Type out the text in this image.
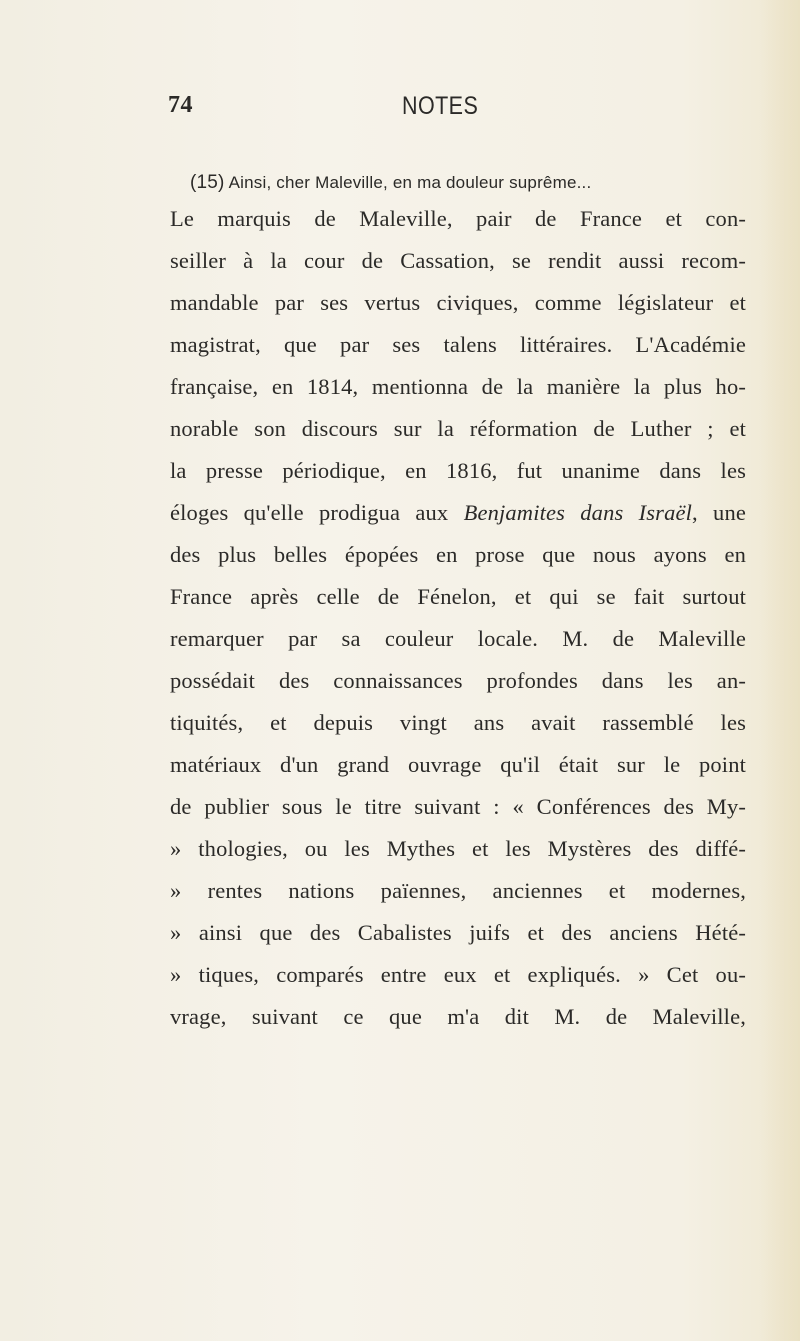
74	NOTES
(15) Ainsi, cher Maleville, en ma douleur suprême...
Le marquis de Maleville, pair de France et con-
seiller à la cour de Cassation, se rendit aussi recom-
mandable par ses vertus civiques, comme législateur et
magistrat, que par ses talens littéraires. L'Académie
française, en 1814, mentionna de la manière la plus ho-
norable son discours sur la réformation de Luther ; et
la presse périodique, en 1816, fut unanime dans les
éloges qu'elle prodigua aux Benjamites dans Israël, une
des plus belles épopées en prose que nous ayons en
France après celle de Fénelon, et qui se fait surtout
remarquer par sa couleur locale. M. de Maleville
possédait des connaissances profondes dans les an-
tiquités, et depuis vingt ans avait rassemblé les
matériaux d'un grand ouvrage qu'il était sur le point
de publier sous le titre suivant : « Conférences des My-
» thologies, ou les Mythes et les Mystères des diffé-
» rentes nations païennes, anciennes et modernes,
» ainsi que des Cabalistes juifs et des anciens Hété-
» tiques, comparés entre eux et expliqués. » Cet ou-
vrage, suivant ce que m'a dit M. de Maleville,
